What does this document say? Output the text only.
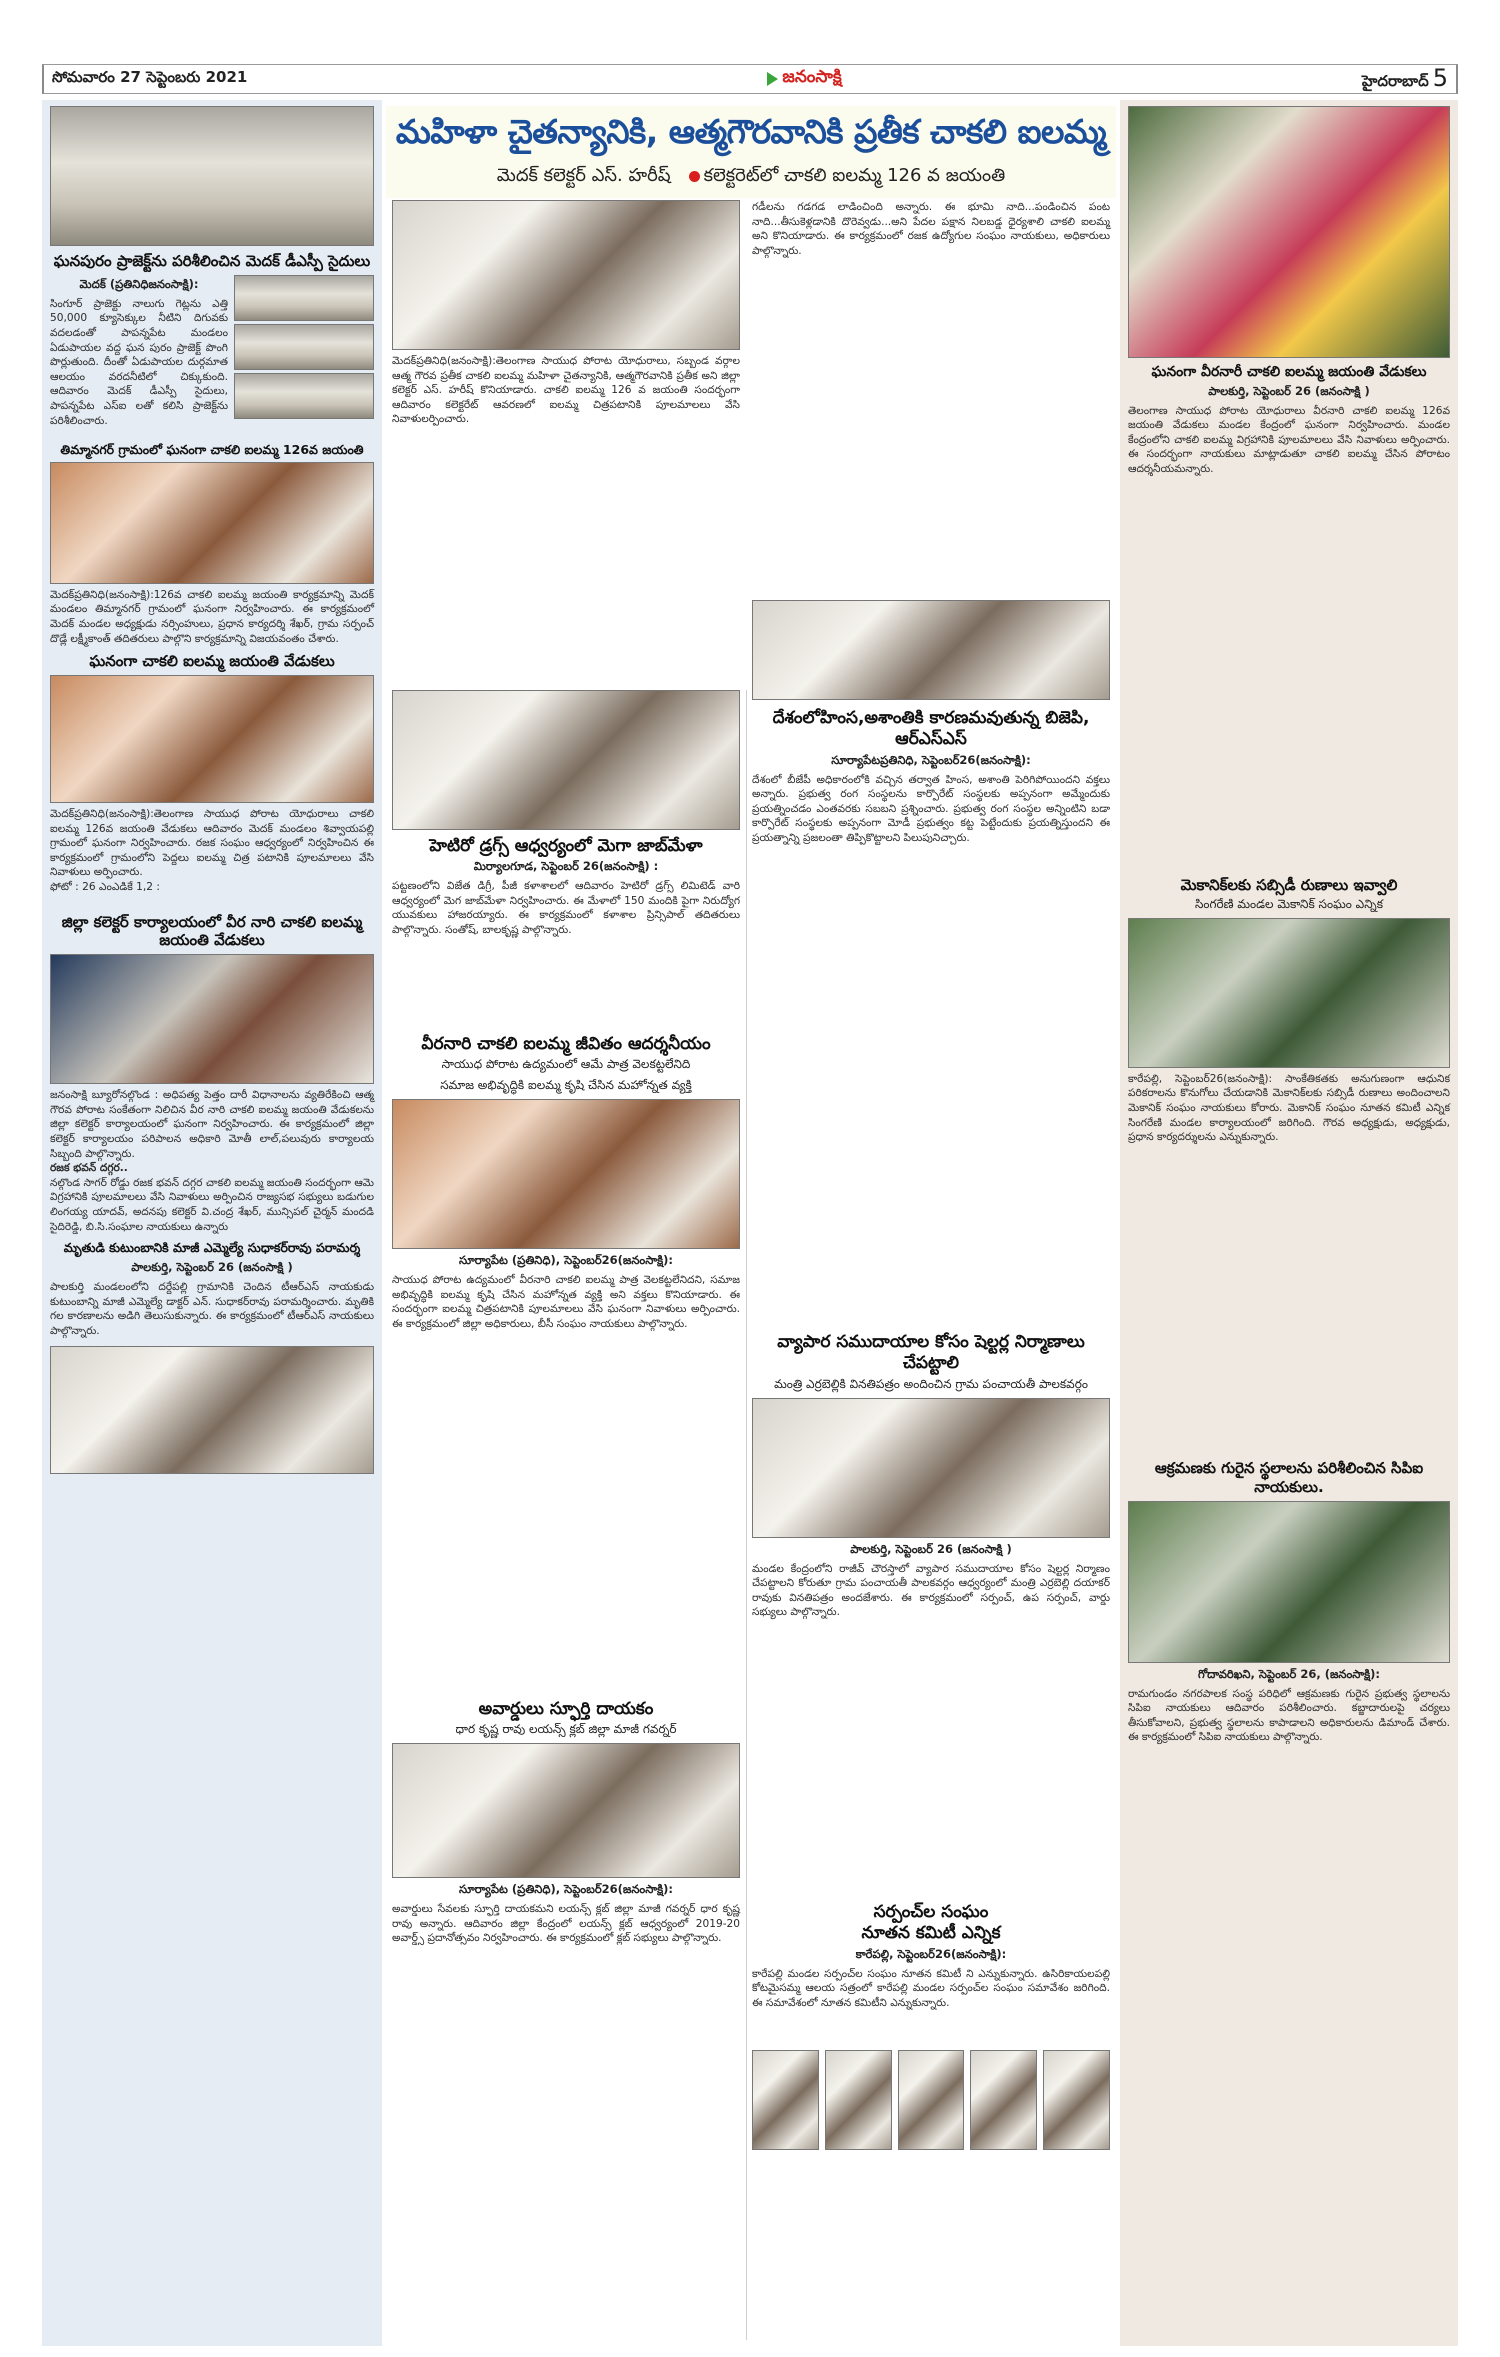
సోమవారం 27 సెప్టెంబరు 2021	జనంసాక్షి	హైదరాబాద్ 5
ఘనపురం ప్రాజెక్ట్‌ను పరిశీలించిన మెదక్ డీఎస్పీ సైదులు
మెదక్ (ప్రతినిధిజనంసాక్షి):
సింగూర్ ప్రాజెక్టు నాలుగు గెట్లను ఎత్తి 50,000 క్యూసెక్కుల నీటిని దిగువకు వదలడంతో పాపన్నపేట మండలం ఏడుపాయల వద్ద ఘన పురం ప్రాజెక్ట్ పొంగి పొర్లుతుంది. దీంతో ఏడుపాయల దుర్గమాత ఆలయం వరదనీటిలో చిక్కుకుంది. ఆదివారం మెదక్ డీఎస్పీ సైదులు, పాపన్నపేట ఎస్‌ఐ లతో కలిసి ప్రాజెక్ట్‌ను పరిశీలించారు.
తిమ్మానగర్ గ్రామంలో ఘనంగా చాకలి ఐలమ్మ 126వ జయంతి
మెదక్‌ప్రతినిధి(జనంసాక్షి):126వ చాకలి ఐలమ్మ జయంతి కార్యక్రమాన్ని మెదక్ మండలం తిమ్మానగర్ గ్రామంలో ఘనంగా నిర్వహించారు. ఈ కార్యక్రమంలో మెదక్ మండల అధ్యక్షుడు నర్సింహులు, ప్రధాన కార్యదర్శి శేఖర్, గ్రామ సర్పంచ్ దొడ్లే లక్ష్మీకాంత్ తదితరులు పాల్గొని కార్యక్రమాన్ని విజయవంతం చేశారు.
ఘనంగా చాకలి ఐలమ్మ జయంతి వేడుకలు
మెదక్‌ప్రతినిధి(జనంసాక్షి):తెలంగాణ సాయుధ పోరాట యోధురాలు చాకలి ఐలమ్మ 126వ జయంతి వేడుకలు ఆదివారం మెదక్ మండలం శివ్వాయపల్లి గ్రామంలో ఘనంగా నిర్వహించారు. రజక సంఘం ఆధ్వర్యంలో నిర్వహించిన ఈ కార్యక్రమంలో గ్రామంలోని పెద్దలు ఐలమ్మ చిత్ర పటానికి పూలమాలలు వేసి నివాళులు అర్పించారు.
ఫోటో : 26 ఎంఎడికే 1,2 :
జిల్లా కలెక్టర్ కార్యాలయంలో వీర నారి చాకలి ఐలమ్మ జయంతి వేడుకలు
జనంసాక్షి బ్యూరోనల్గొండ : అధిపత్య పెత్తం దారీ విధానాలను వ్యతిరేకించి ఆత్మ గౌరవ పోరాట సంకేతంగా నిలిచిన వీర నారి చాకలి ఐలమ్మ జయంతి వేడుకలను జిల్లా కలెక్టర్ కార్యాలయంలో ఘనంగా నిర్వహించారు. ఈ కార్యక్రమంలో జిల్లా కలెక్టర్ కార్యాలయం పరిపాలన అధికారి మోతీ లాల్,పలువురు కార్యాలయ సిబ్బంది పాల్గొన్నారు.
రజక భవన్ దగ్గర..
నల్గొండ సాగర్ రోడ్డు రజక భవన్ దగ్గర చాకలి ఐలమ్మ జయంతి సందర్భంగా ఆమె విగ్రహానికి పూలమాలలు వేసి నివాళులు అర్పించిన రాజ్యసభ సభ్యులు బడుగుల లింగయ్య యాదవ్, అదనపు కలెక్టర్ వి.చంద్ర శేఖర్, మున్సిపల్ చైర్మన్ మందడి సైదిరెడ్డి, బి.సి.సంఘాల నాయకులు ఉన్నారు
మృతుడి కుటుంబానికి మాజీ ఎమ్మెల్యే సుధాకర్‌రావు పరామర్శ
పాలకుర్తి, సెప్టెంబర్ 26 (జనంసాక్షి )
పాలకుర్తి మండలంలోని దర్దేపల్లి గ్రామానికి చెందిన టీఆర్ఎస్ నాయకుడు కుటుంబాన్ని మాజీ ఎమ్మెల్యే డాక్టర్ ఎన్. సుధాకర్‌రావు పరామర్శించారు. మృతికి గల కారణాలను అడిగి తెలుసుకున్నారు. ఈ కార్యక్రమంలో టీఆర్ఎస్ నాయకులు పాల్గొన్నారు.
మహిళా చైతన్యానికి, ఆత్మగౌరవానికి ప్రతీక చాకలి ఐలమ్మ
మెదక్ కలెక్టర్ ఎస్. హరీష్	కలెక్టరెట్‌లో చాకలి ఐలమ్మ 126 వ జయంతి
మెదక్‌ప్రతినిధి(జనంసాక్షి):తెలంగాణ సాయుధ పోరాట యోధురాలు, సబ్బండ వర్గాల ఆత్మ గౌరవ ప్రతీక చాకలి ఐలమ్మ మహిళా చైతన్యానికి, ఆత్మగౌరవానికి ప్రతీక అని జిల్లా కలెక్టర్ ఎస్. హరీష్ కొనియాడారు. చాకలి ఐలమ్మ 126 వ జయంతి సందర్భంగా ఆదివారం కలెక్టరేట్ ఆవరణలో ఐలమ్మ చిత్రపటానికి పూలమాలలు వేసి నివాళులర్పించారు.
గడీలను గడగడ లాడించింది అన్నారు. ఈ భూమి నాది...పండించిన పంట నాది...తీసుకెళ్లడానికి దొరెవ్వడు...అని పేదల పక్షాన నిలబడ్డ ధైర్యశాలి చాకలి ఐలమ్మ అని కొనియాడారు. ఈ కార్యక్రమంలో రజక ఉద్యోగుల సంఘం నాయకులు, అధికారులు పాల్గొన్నారు.
హెటిరో డ్రగ్స్ ఆధ్వర్యంలో మెగా జాబ్‌మేళా
మిర్యాలగూడ, సెప్టెంబర్ 26(జనంసాక్షి) :
పట్టణంలోని విజేత డిగ్రీ, పీజీ కళాశాలలో ఆదివారం హెటిరో డ్రగ్స్ లిమిటెడ్ వారి ఆధ్వర్యంలో మెగ జాబ్‌మేళా నిర్వహించారు. ఈ మేళాలో 150 మందికి పైగా నిరుద్యోగ యువకులు హాజరయ్యారు. ఈ కార్యక్రమంలో కళాశాల ప్రిన్సిపాల్ తదితరులు పాల్గొన్నారు. సంతోష్, బాలకృష్ణ పాల్గొన్నారు.
దేశంలోహింస,అశాంతికి కారణమవుతున్న బిజెపి, ఆర్ఎస్ఎస్
సూర్యాపేటప్రతినిధి, సెప్టెంబర్26(జనంసాక్షి):
దేశంలో బీజేపీ అధికారంలోకి వచ్చిన తర్వాత హింస, అశాంతి పెరిగిపోయిందని వక్తలు అన్నారు. ప్రభుత్వ రంగ సంస్థలను కార్పొరేట్ సంస్థలకు అప్పనంగా అమ్మేందుకు ప్రయత్నించడం ఎంతవరకు సబబని ప్రశ్నించారు. ప్రభుత్వ రంగ సంస్థల అన్నింటిని బడా కార్పొరేట్ సంస్థలకు అప్పనంగా మోడీ ప్రభుత్వం కట్ట పెట్టేందుకు ప్రయత్నిస్తుందని ఈ ప్రయత్నాన్ని ప్రజలంతా తిప్పికొట్టాలని పిలుపునిచ్చారు.
వీరనారి చాకలి ఐలమ్మ జీవితం ఆదర్శనీయం
సాయుధ పోరాట ఉద్యమంలో ఆమే పాత్ర వెలకట్టలేనిది
సమాజ అభివృద్ధికి ఐలమ్మ కృషి చేసిన మహోన్నత వ్యక్తి
సూర్యాపేట (ప్రతినిధి), సెప్టెంబర్26(జనంసాక్షి):
సాయుధ పోరాట ఉద్యమంలో వీరనారి చాకలి ఐలమ్మ పాత్ర వెలకట్టలేనిదని, సమాజ అభివృద్ధికి ఐలమ్మ కృషి చేసిన మహోన్నత వ్యక్తి అని వక్తలు కొనియాడారు. ఈ సందర్భంగా ఐలమ్మ చిత్రపటానికి పూలమాలలు వేసి ఘనంగా నివాళులు అర్పించారు. ఈ కార్యక్రమంలో జిల్లా అధికారులు, బీసీ సంఘం నాయకులు పాల్గొన్నారు.
వ్యాపార సముదాయాల కోసం షెల్టర్ల నిర్మాణాలు చేపట్టాలి
మంత్రి ఎర్రబెల్లికి వినతిపత్రం అందించిన గ్రామ పంచాయతీ పాలకవర్గం
పాలకుర్తి, సెప్టెంబర్ 26 (జనంసాక్షి )
మండల కేంద్రంలోని రాజీవ్ చౌరస్తాలో వ్యాపార సముదాయాల కోసం షెల్టర్ల నిర్మాణం చేపట్టాలని కోరుతూ గ్రామ పంచాయతీ పాలకవర్గం ఆధ్వర్యంలో మంత్రి ఎర్రబెల్లి దయాకర్ రావుకు వినతిపత్రం అందజేశారు. ఈ కార్యక్రమంలో సర్పంచ్, ఉప సర్పంచ్, వార్డు సభ్యులు పాల్గొన్నారు.
అవార్డులు స్ఫూర్తి దాయకం
ధార కృష్ణ రావు లయన్స్ క్లబ్ జిల్లా మాజీ గవర్నర్
సూర్యాపేట (ప్రతినిధి), సెప్టెంబర్26(జనంసాక్షి):
అవార్డులు సేవలకు స్ఫూర్తి దాయకమని లయన్స్ క్లబ్ జిల్లా మాజీ గవర్నర్ ధార కృష్ణ రావు అన్నారు. ఆదివారం జిల్లా కేంద్రంలో లయన్స్ క్లబ్ ఆధ్వర్యంలో 2019-20 అవార్డ్స్ ప్రదానోత్సవం నిర్వహించారు. ఈ కార్యక్రమంలో క్లబ్ సభ్యులు పాల్గొన్నారు.
సర్పంచ్‌ల సంఘం
నూతన కమిటీ ఎన్నిక
కారేపల్లి, సెప్టెంబర్26(జనంసాక్షి):
కారేపల్లి మండల సర్పంచ్‌ల సంఘం నూతన కమిటీ ని ఎన్నుకున్నారు. ఉసిరికాయలపల్లి కోటమైసమ్మ ఆలయ సత్రంలో కారేపల్లి మండల సర్పంచ్‌ల సంఘం సమావేశం జరిగింది. ఈ సమావేశంలో నూతన కమిటీని ఎన్నుకున్నారు.
ఘనంగా వీరనారీ చాకలి ఐలమ్మ జయంతి వేడుకలు
పాలకుర్తి, సెప్టెంబర్ 26 (జనంసాక్షి )
తెలంగాణ సాయుధ పోరాట యోధురాలు వీరనారి చాకలి ఐలమ్మ 126వ జయంతి వేడుకలు మండల కేంద్రంలో ఘనంగా నిర్వహించారు. మండల కేంద్రంలోని చాకలి ఐలమ్మ విగ్రహానికి పూలమాలలు వేసి నివాళులు అర్పించారు. ఈ సందర్భంగా నాయకులు మాట్లాడుతూ చాకలి ఐలమ్మ చేసిన పోరాటం ఆదర్శనీయమన్నారు.
మెకానిక్‌లకు సబ్సిడీ రుణాలు ఇవ్వాలి
సింగరేణి మండల మెకానిక్ సంఘం ఎన్నిక
కారేపల్లి, సెప్టెంబర్26(జనంసాక్షి): సాంకేతికతకు అనుగుణంగా ఆధునిక పరికరాలను కొనుగోలు చేయడానికి మెకానిక్‌లకు సబ్సిడీ రుణాలు అందించాలని మెకానిక్ సంఘం నాయకులు కోరారు. మెకానిక్ సంఘం నూతన కమిటీ ఎన్నిక సింగరేణి మండల కార్యాలయంలో జరిగింది. గౌరవ అధ్యక్షుడు, అధ్యక్షుడు, ప్రధాన కార్యదర్శులను ఎన్నుకున్నారు.
ఆక్రమణకు గురైన స్థలాలను పరిశీలించిన సిపిఐ నాయకులు.
గోదావరిఖని, సెప్టెంబర్ 26, (జనంసాక్షి):
రామగుండం నగరపాలక సంస్థ పరిధిలో ఆక్రమణకు గురైన ప్రభుత్వ స్థలాలను సిపిఐ నాయకులు ఆదివారం పరిశీలించారు. కబ్జాదారులపై చర్యలు తీసుకోవాలని, ప్రభుత్వ స్థలాలను కాపాడాలని అధికారులను డిమాండ్ చేశారు. ఈ కార్యక్రమంలో సిపిఐ నాయకులు పాల్గొన్నారు.
